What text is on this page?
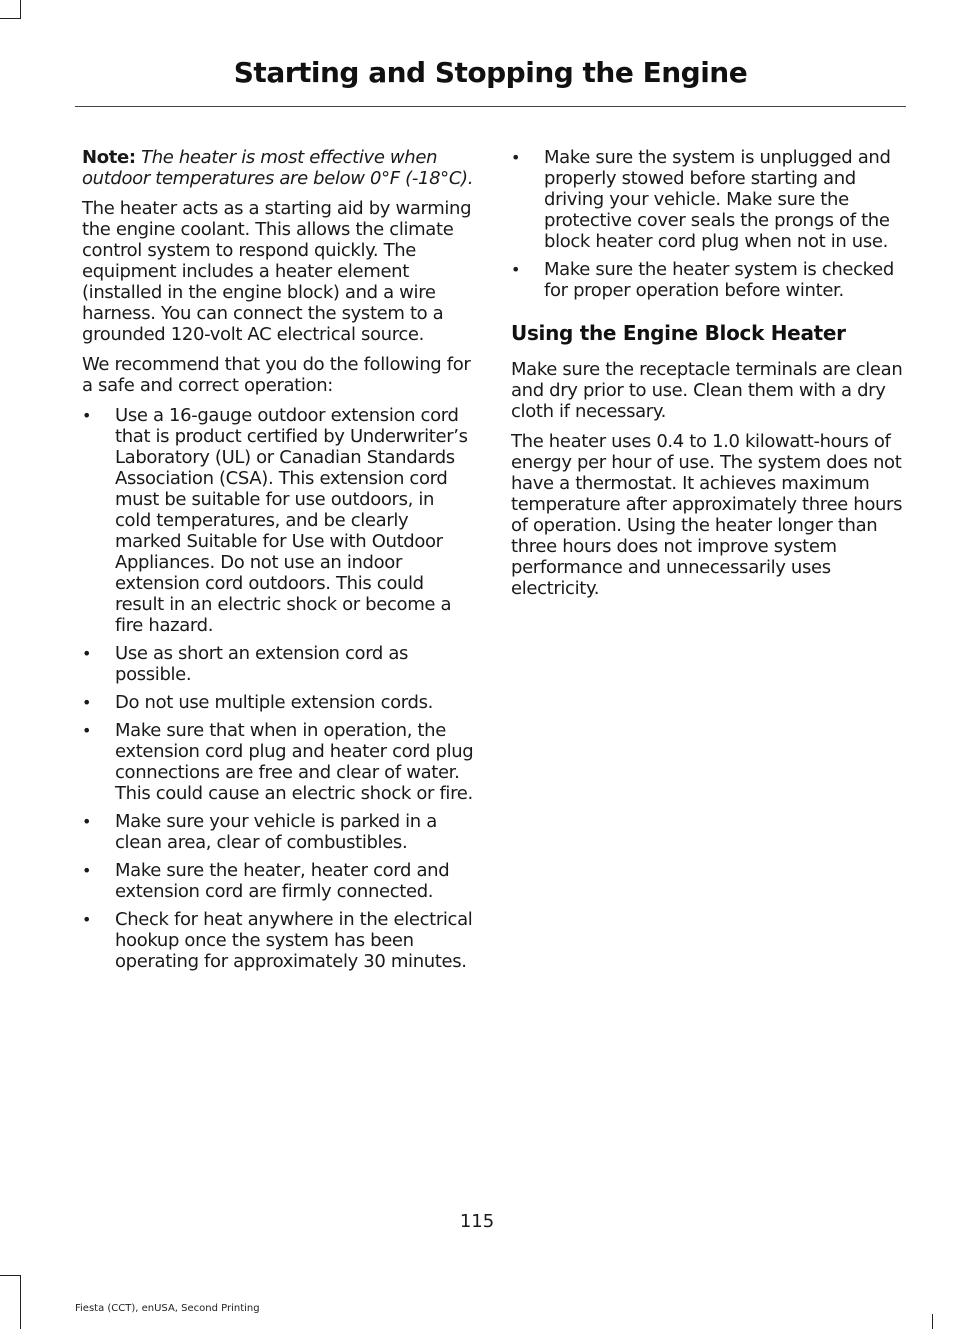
Starting and Stopping the Engine

Note: The heater is most effective when outdoor temperatures are below 0°F (-18°C).

The heater acts as a starting aid by warming the engine coolant. This allows the climate control system to respond quickly. The equipment includes a heater element (installed in the engine block) and a wire harness. You can connect the system to a grounded 120-volt AC electrical source.

We recommend that you do the following for a safe and correct operation:

• Use a 16-gauge outdoor extension cord that is product certified by Underwriter’s Laboratory (UL) or Canadian Standards Association (CSA). This extension cord must be suitable for use outdoors, in cold temperatures, and be clearly marked Suitable for Use with Outdoor Appliances. Do not use an indoor extension cord outdoors. This could result in an electric shock or become a fire hazard.
• Use as short an extension cord as possible.
• Do not use multiple extension cords.
• Make sure that when in operation, the extension cord plug and heater cord plug connections are free and clear of water. This could cause an electric shock or fire.
• Make sure your vehicle is parked in a clean area, clear of combustibles.
• Make sure the heater, heater cord and extension cord are firmly connected.
• Check for heat anywhere in the electrical hookup once the system has been operating for approximately 30 minutes.
• Make sure the system is unplugged and properly stowed before starting and driving your vehicle. Make sure the protective cover seals the prongs of the block heater cord plug when not in use.
• Make sure the heater system is checked for proper operation before winter.
Using the Engine Block Heater

Make sure the receptacle terminals are clean and dry prior to use. Clean them with a dry cloth if necessary.

The heater uses 0.4 to 1.0 kilowatt-hours of energy per hour of use. The system does not have a thermostat. It achieves maximum temperature after approximately three hours of operation. Using the heater longer than three hours does not improve system performance and unnecessarily uses electricity.

115
Fiesta (CCT), enUSA, Second Printing
